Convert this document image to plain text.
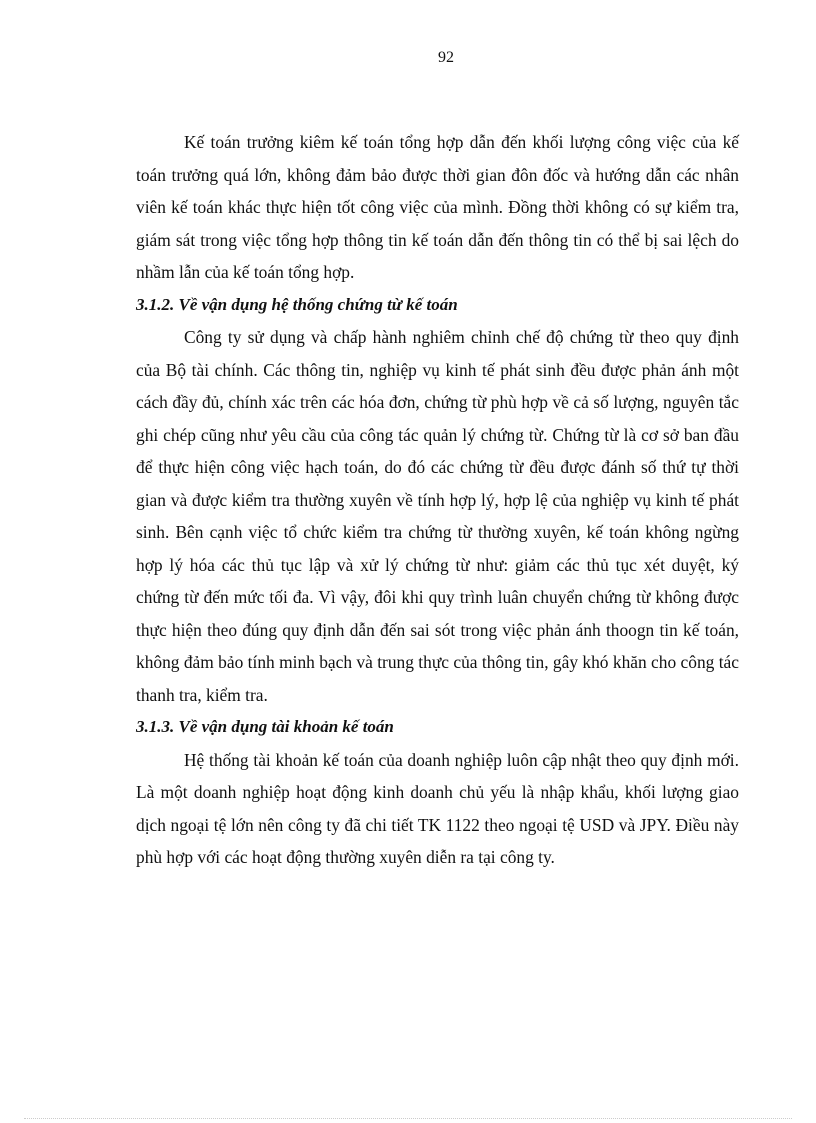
92

Kế toán trưởng kiêm kế toán tổng hợp dẫn đến khối lượng công việc của kế toán trưởng quá lớn, không đảm bảo được thời gian đôn đốc và hướng dẫn các nhân viên kế toán khác thực hiện tốt công việc của mình. Đồng thời không có sự kiểm tra, giám sát trong việc tổng hợp thông tin kế toán dẫn đến thông tin có thể bị sai lệch do nhầm lẫn của kế toán tổng hợp.

3.1.2. Về vận dụng hệ thống chứng từ kế toán

Công ty sử dụng và chấp hành nghiêm chỉnh chế độ chứng từ theo quy định của Bộ tài chính. Các thông tin, nghiệp vụ kinh tế phát sinh đều được phản ánh một cách đầy đủ, chính xác trên các hóa đơn, chứng từ phù hợp về cả số lượng, nguyên tắc ghi chép cũng như yêu cầu của công tác quản lý chứng từ. Chứng từ là cơ sở ban đầu để thực hiện công việc hạch toán, do đó các chứng từ đều được đánh số thứ tự thời gian và được kiểm tra thường xuyên về tính hợp lý, hợp lệ của nghiệp vụ kinh tế phát sinh. Bên cạnh việc tổ chức kiểm tra chứng từ thường xuyên, kế toán không ngừng hợp lý hóa các thủ tục lập và xử lý chứng từ như: giảm các thủ tục xét duyệt, ký chứng từ đến mức tối đa. Vì vậy, đôi khi quy trình luân chuyển chứng từ không được thực hiện theo đúng quy định dẫn đến sai sót trong việc phản ánh thoogn tin kế toán, không đảm bảo tính minh bạch và trung thực của thông tin, gây khó khăn cho công tác thanh tra, kiểm tra.

3.1.3. Về vận dụng tài khoản kế toán

Hệ thống tài khoản kế toán của doanh nghiệp luôn cập nhật theo quy định mới. Là một doanh nghiệp hoạt động kinh doanh chủ yếu là nhập khẩu, khối lượng giao dịch ngoại tệ lớn nên công ty đã chi tiết TK 1122 theo ngoại tệ USD và JPY. Điều này phù hợp với các hoạt động thường xuyên diễn ra tại công ty.
